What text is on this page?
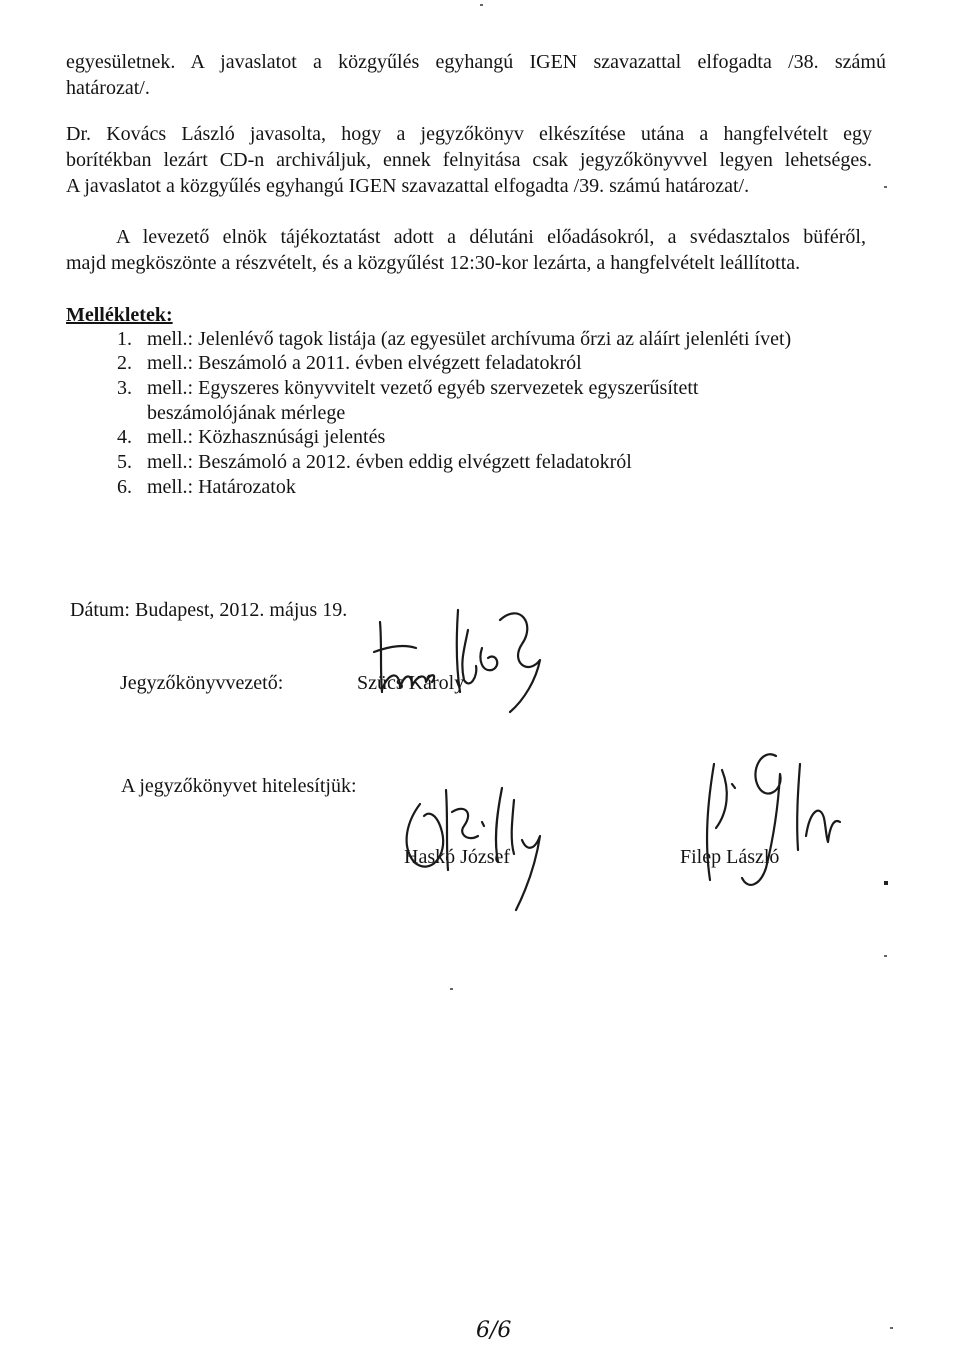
egyesületnek. A javaslatot a közgyűlés egyhangú IGEN szavazattal elfogadta /38. számú
határozat/.
Dr. Kovács László javasolta, hogy a jegyzőkönyv elkészítése utána a hangfelvételt egy
borítékban lezárt CD-n archiváljuk, ennek felnyitása csak jegyzőkönyvvel legyen lehetséges.
A javaslatot a közgyűlés egyhangú IGEN szavazattal elfogadta /39. számú határozat/.
A levezető elnök tájékoztatást adott a délutáni előadásokról, a svédasztalos büféről,
majd megköszönte a részvételt, és a közgyűlést 12:30-kor lezárta, a hangfelvételt leállította.
Mellékletek:
1. mell.: Jelenlévő tagok listája (az egyesület archívuma őrzi az aláírt jelenléti ívet)
2. mell.: Beszámoló a 2011. évben elvégzett feladatokról
3. mell.: Egyszeres könyvvitelt vezető egyéb szervezetek egyszerűsített
beszámolójának mérlege
4. mell.: Közhasznúsági jelentés
5. mell.: Beszámoló a 2012. évben eddig elvégzett feladatokról
6. mell.: Határozatok
Dátum: Budapest, 2012. május 19.
Jegyzőkönyvvezető:	Szücs Károly
A jegyzőkönyvet hitelesítjük:
Haskó József	Filep László
6/6
